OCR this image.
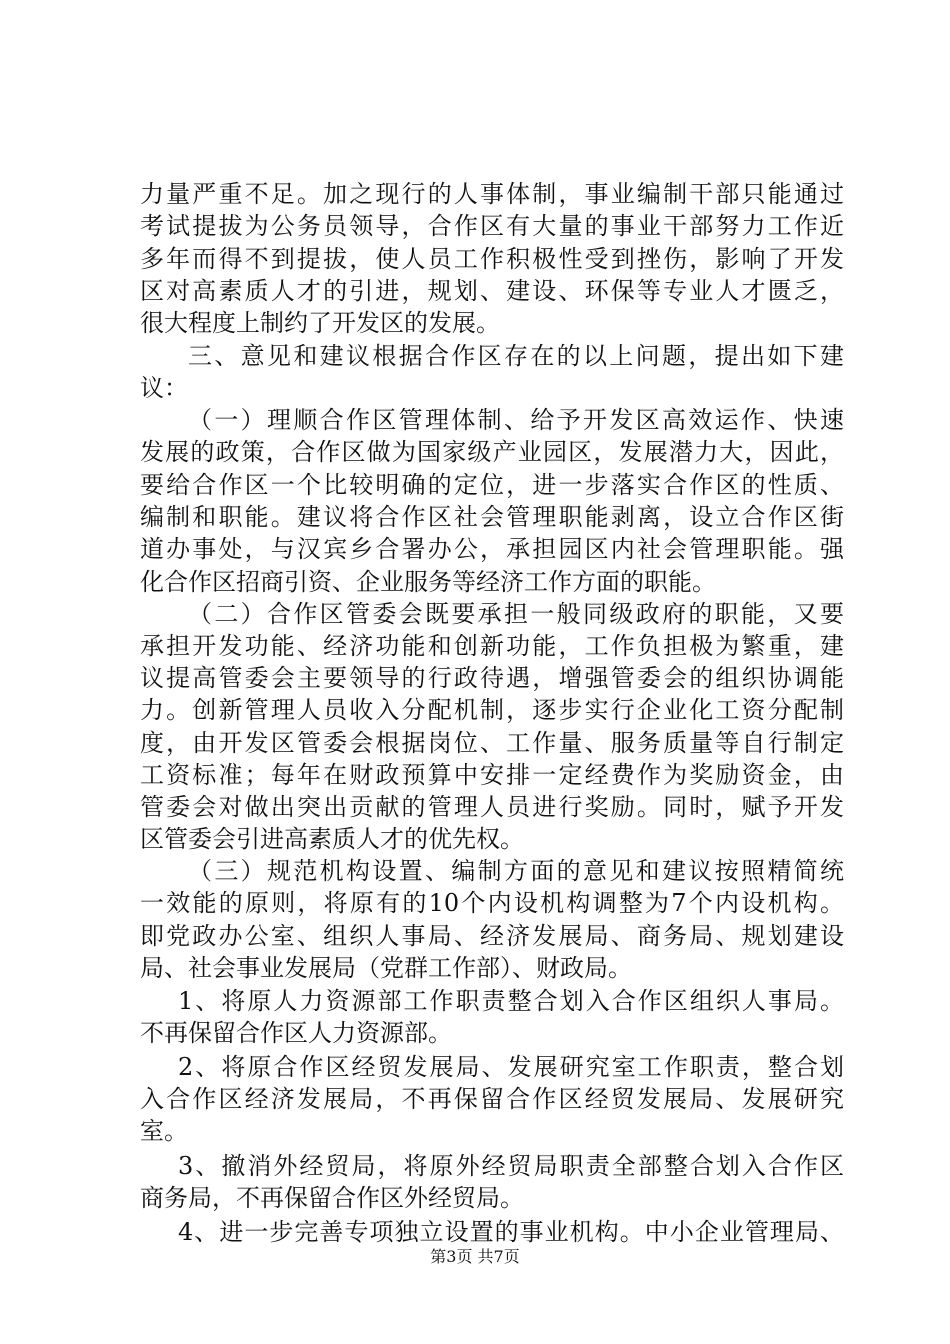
力量严重不足。加之现行的人事体制，事业编制干部只能通过
考试提拔为公务员领导，合作区有大量的事业干部努力工作近
多年而得不到提拔，使人员工作积极性受到挫伤，影响了开发
区对高素质人才的引进，规划、建设、环保等专业人才匮乏，
很大程度上制约了开发区的发展。
三、意见和建议根据合作区存在的以上问题，提出如下建
议：
（一）理顺合作区管理体制、给予开发区高效运作、快速
发展的政策，合作区做为国家级产业园区，发展潜力大，因此，
要给合作区一个比较明确的定位，进一步落实合作区的性质、
编制和职能。建议将合作区社会管理职能剥离，设立合作区街
道办事处，与汉宾乡合署办公，承担园区内社会管理职能。强
化合作区招商引资、企业服务等经济工作方面的职能。
（二）合作区管委会既要承担一般同级政府的职能，又要
承担开发功能、经济功能和创新功能，工作负担极为繁重，建
议提高管委会主要领导的行政待遇，增强管委会的组织协调能
力。创新管理人员收入分配机制，逐步实行企业化工资分配制
度，由开发区管委会根据岗位、工作量、服务质量等自行制定
工资标准；每年在财政预算中安排一定经费作为奖励资金，由
管委会对做出突出贡献的管理人员进行奖励。同时，赋予开发
区管委会引进高素质人才的优先权。
（三）规范机构设置、编制方面的意见和建议按照精简统
一效能的原则，将原有的10个内设机构调整为7个内设机构。
即党政办公室、组织人事局、经济发展局、商务局、规划建设
局、社会事业发展局（党群工作部）、财政局。
1、将原人力资源部工作职责整合划入合作区组织人事局。
不再保留合作区人力资源部。
2、将原合作区经贸发展局、发展研究室工作职责，整合划
入合作区经济发展局，不再保留合作区经贸发展局、发展研究
室。
3、撤消外经贸局，将原外经贸局职责全部整合划入合作区
商务局，不再保留合作区外经贸局。
4、进一步完善专项独立设置的事业机构。中小企业管理局、
第3页 共7页
